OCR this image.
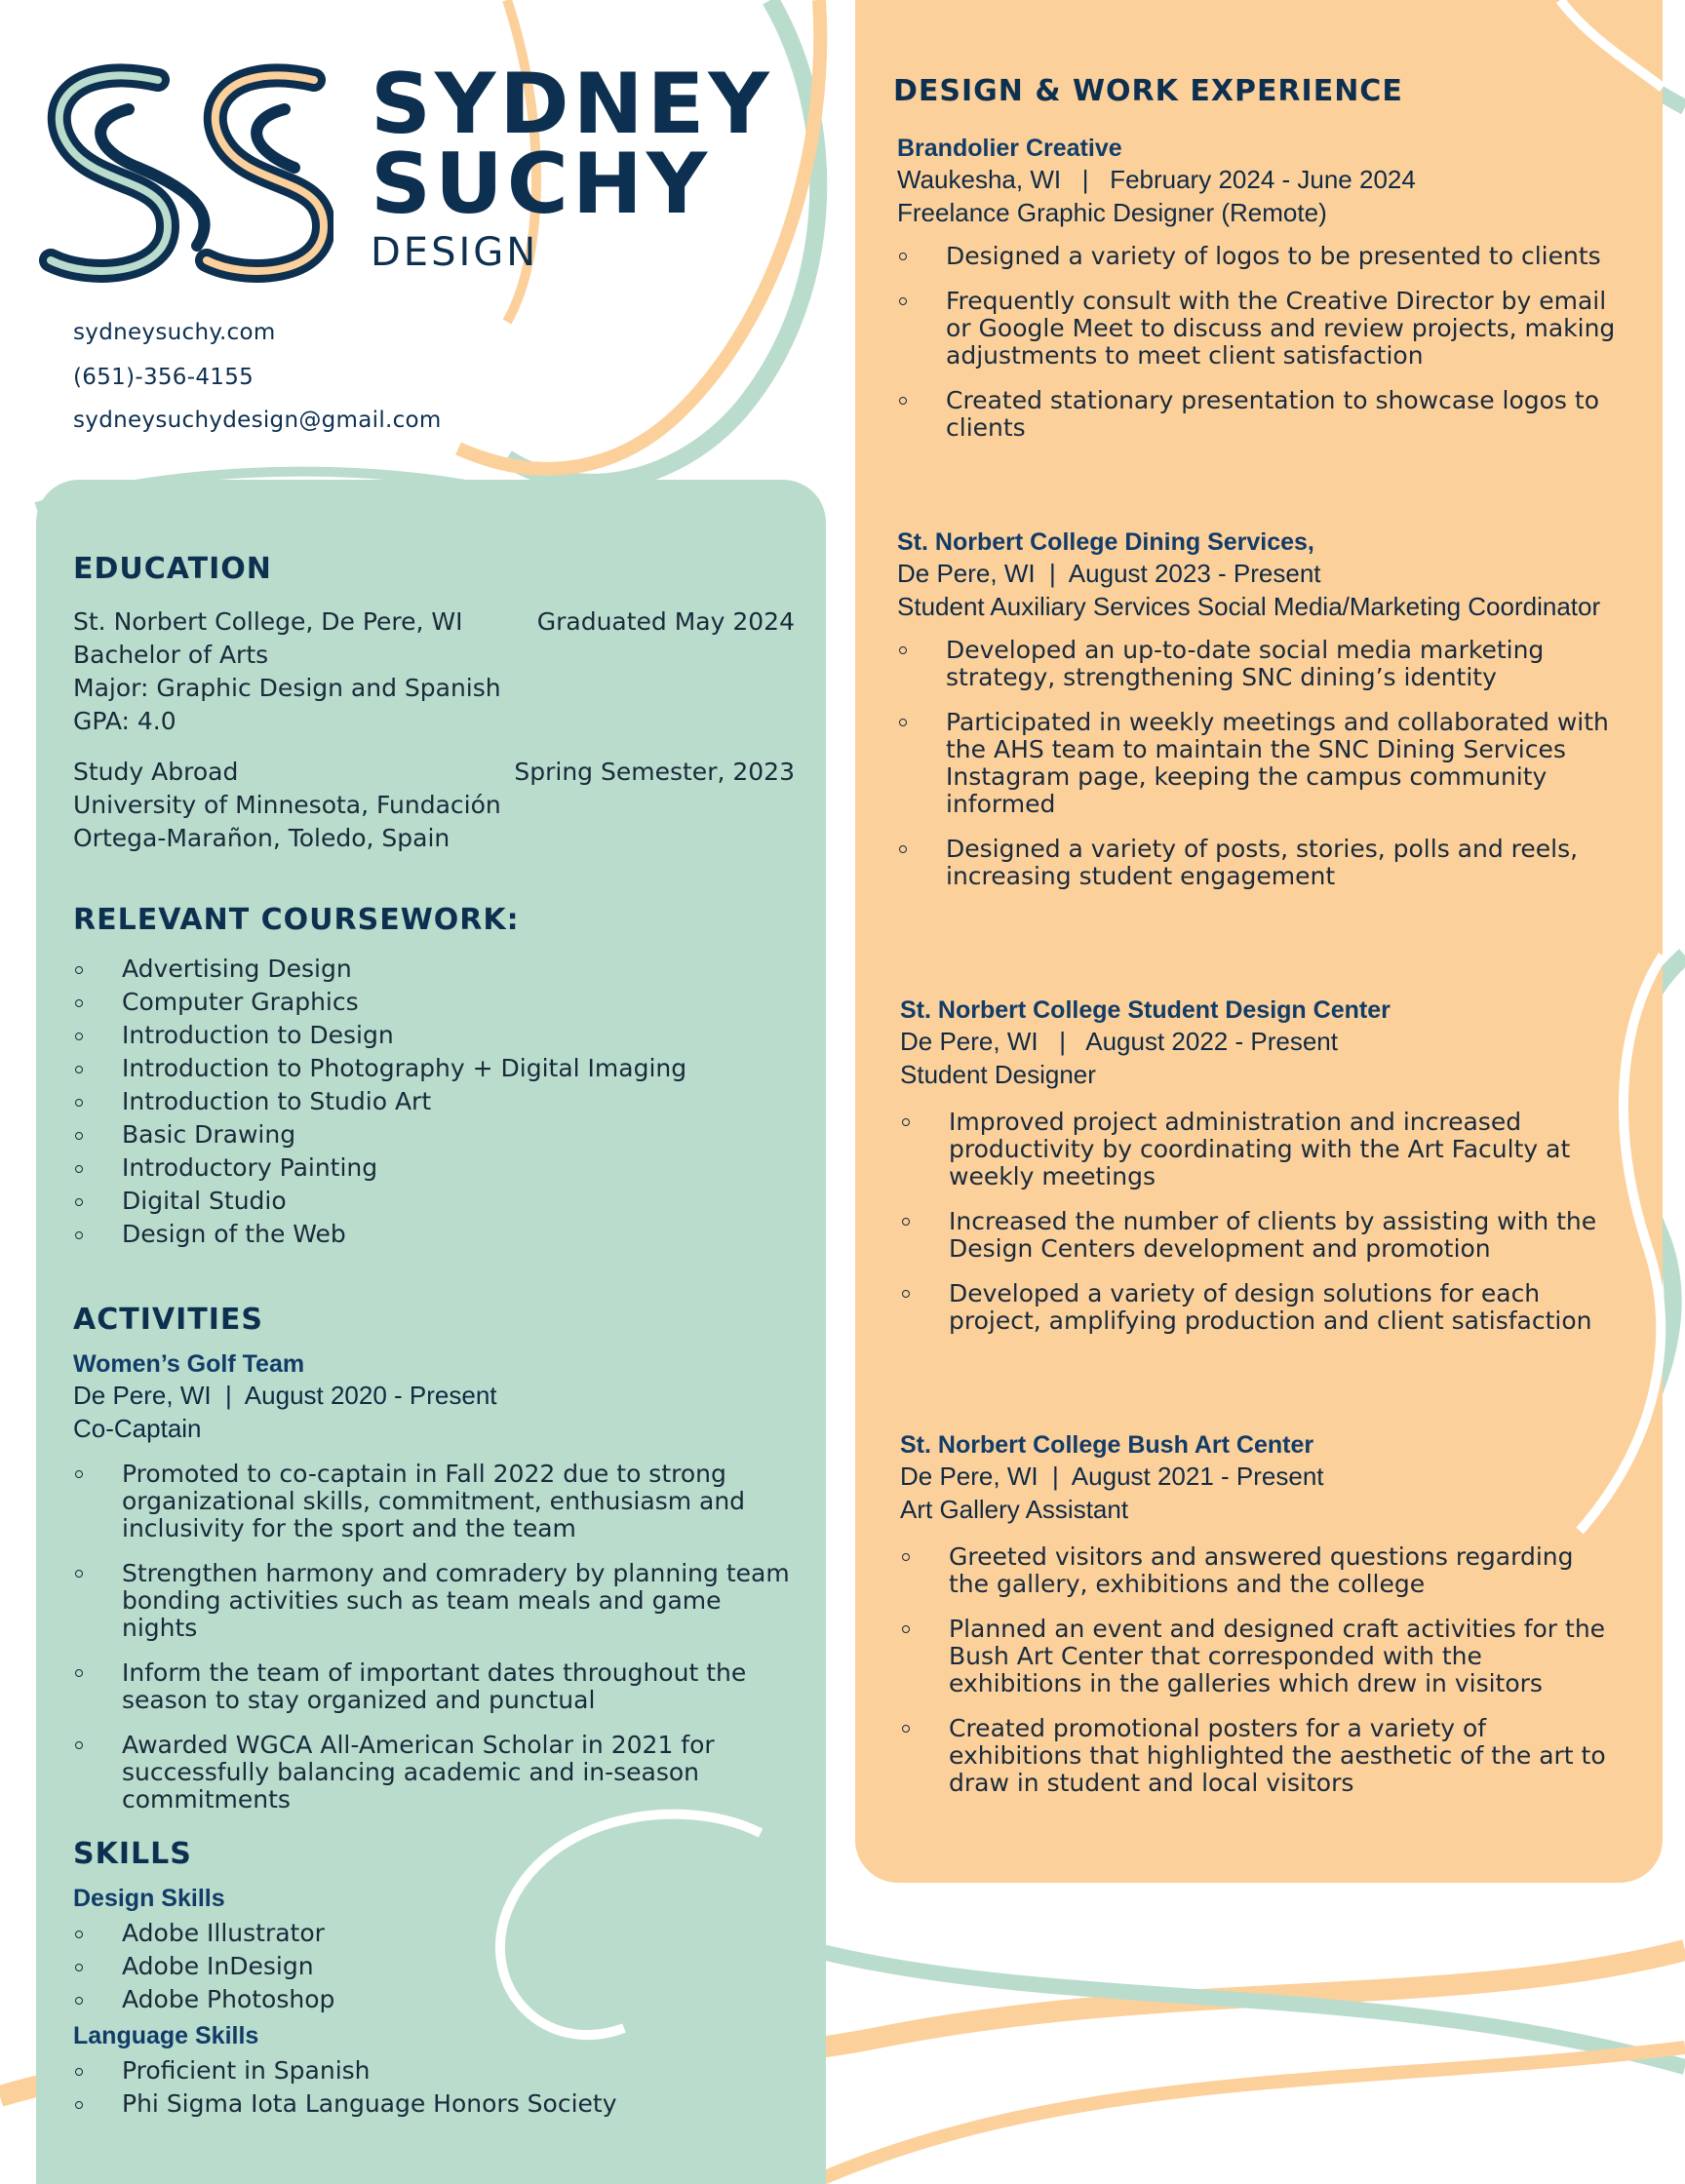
SYDNEY
SUCHY
DESIGN
sydneysuchy.com
(651)-356-4155
sydneysuchydesign@gmail.com
EDUCATION
St. Norbert College, De Pere, WI	Graduated May 2024
Bachelor of Arts
Major: Graphic Design and Spanish
GPA: 4.0
Study Abroad	Spring Semester, 2023
University of Minnesota, Fundación
Ortega-Marañon, Toledo, Spain
RELEVANT COURSEWORK:
Advertising Design
Computer Graphics
Introduction to Design
Introduction to Photography + Digital Imaging
Introduction to Studio Art
Basic Drawing
Introductory Painting
Digital Studio
Design of the Web
ACTIVITIES
Women’s Golf Team
De Pere, WI  |  August 2020 - Present
Co-Captain
Promoted to co-captain in Fall 2022 due to strong organizational skills, commitment, enthusiasm and inclusivity for the sport and the team
Strengthen harmony and comradery by planning team bonding activities such as team meals and game nights
Inform the team of important dates throughout the season to stay organized and punctual
Awarded WGCA All-American Scholar in 2021 for successfully balancing academic and in-season commitments
SKILLS
Design Skills
Adobe Illustrator
Adobe InDesign
Adobe Photoshop
Language Skills
Proficient in Spanish
Phi Sigma Iota Language Honors Society
DESIGN & WORK EXPERIENCE
Brandolier Creative
Waukesha, WI   |   February 2024 - June 2024
Freelance Graphic Designer (Remote)
Designed a variety of logos to be presented to clients
Frequently consult with the Creative Director by email or Google Meet to discuss and review projects, making adjustments to meet client satisfaction
Created stationary presentation to showcase logos to clients
St. Norbert College Dining Services,
De Pere, WI  |  August 2023 - Present
Student Auxiliary Services Social Media/Marketing Coordinator
Developed an up-to-date social media marketing strategy, strengthening SNC dining’s identity
Participated in weekly meetings and collaborated with the AHS team to maintain the SNC Dining Services Instagram page, keeping the campus community informed
Designed a variety of posts, stories, polls and reels, increasing student engagement
St. Norbert College Student Design Center
De Pere, WI   |   August 2022 - Present
Student Designer
Improved project administration and increased productivity by coordinating with the Art Faculty at weekly meetings
Increased the number of clients by assisting with the Design Centers development and promotion
Developed a variety of design solutions for each project, amplifying production and client satisfaction
St. Norbert College Bush Art Center
De Pere, WI  |  August 2021 - Present
Art Gallery Assistant
Greeted visitors and answered questions regarding the gallery, exhibitions and the college
Planned an event and designed craft activities for the Bush Art Center that corresponded with the exhibitions in the galleries which drew in visitors
Created promotional posters for a variety of exhibitions that highlighted the aesthetic of the art to draw in student and local visitors
